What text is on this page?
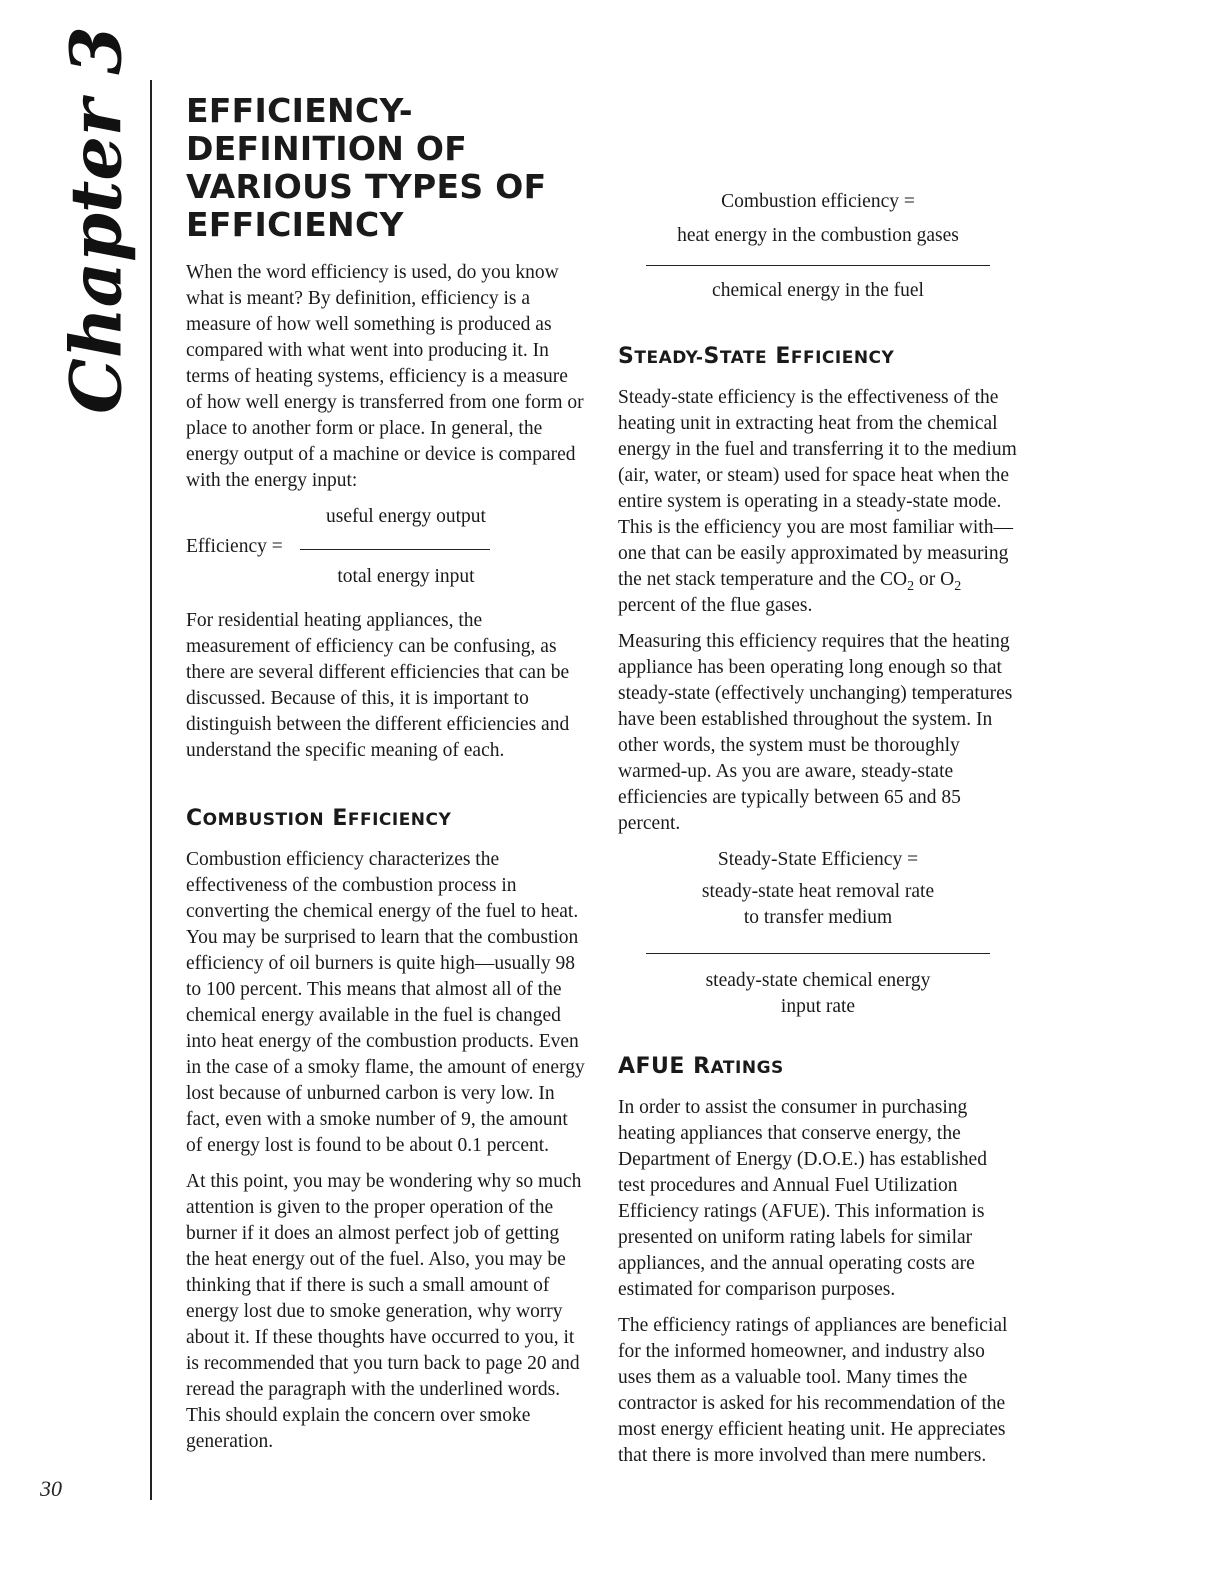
Chapter 3
30
EFFICIENCY-DEFINITION OF VARIOUS TYPES OF EFFICIENCY

When the word efficiency is used, do you know what is meant? By definition, efficiency is a measure of how well something is produced as compared with what went into producing it. In terms of heating systems, efficiency is a measure of how well energy is transferred from one form or place to another form or place. In general, the energy output of a machine or device is compared with the energy input:

useful energy output
Efficiency =
total energy input

For residential heating appliances, the measurement of efficiency can be confusing, as there are several different efficiencies that can be discussed. Because of this, it is important to distinguish between the different efficiencies and understand the specific meaning of each.

COMBUSTION EFFICIENCY

Combustion efficiency characterizes the effectiveness of the combustion process in converting the chemical energy of the fuel to heat. You may be surprised to learn that the combustion efficiency of oil burners is quite high—usually 98 to 100 percent. This means that almost all of the chemical energy available in the fuel is changed into heat energy of the combustion products. Even in the case of a smoky flame, the amount of energy lost because of unburned carbon is very low. In fact, even with a smoke number of 9, the amount of energy lost is found to be about 0.1 percent.

At this point, you may be wondering why so much attention is given to the proper operation of the burner if it does an almost perfect job of getting the heat energy out of the fuel. Also, you may be thinking that if there is such a small amount of energy lost due to smoke generation, why worry about it. If these thoughts have occurred to you, it is recommended that you turn back to page 20 and reread the paragraph with the underlined words. This should explain the concern over smoke generation.

Combustion efficiency =
heat energy in the combustion gases
chemical energy in the fuel
STEADY-STATE EFFICIENCY

Steady-state efficiency is the effectiveness of the heating unit in extracting heat from the chemical energy in the fuel and transferring it to the medium (air, water, or steam) used for space heat when the entire system is operating in a steady-state mode. This is the efficiency you are most familiar with—one that can be easily approximated by measuring the net stack temperature and the $CO_2$ or $O_2$ percent of the flue gases.

Measuring this efficiency requires that the heating appliance has been operating long enough so that steady-state (effectively unchanging) temperatures have been established throughout the system. In other words, the system must be thoroughly warmed-up. As you are aware, steady-state efficiencies are typically between 65 and 85 percent.

Steady-State Efficiency =
steady-state heat removal rate
to transfer medium
steady-state chemical energy
input rate
AFUE RATINGS

In order to assist the consumer in purchasing heating appliances that conserve energy, the Department of Energy (D.O.E.) has established test procedures and Annual Fuel Utilization Efficiency ratings (AFUE). This information is presented on uniform rating labels for similar appliances, and the annual operating costs are estimated for comparison purposes.

The efficiency ratings of appliances are beneficial for the informed homeowner, and industry also uses them as a valuable tool. Many times the contractor is asked for his recommendation of the most energy efficient heating unit. He appreciates that there is more involved than mere numbers.
